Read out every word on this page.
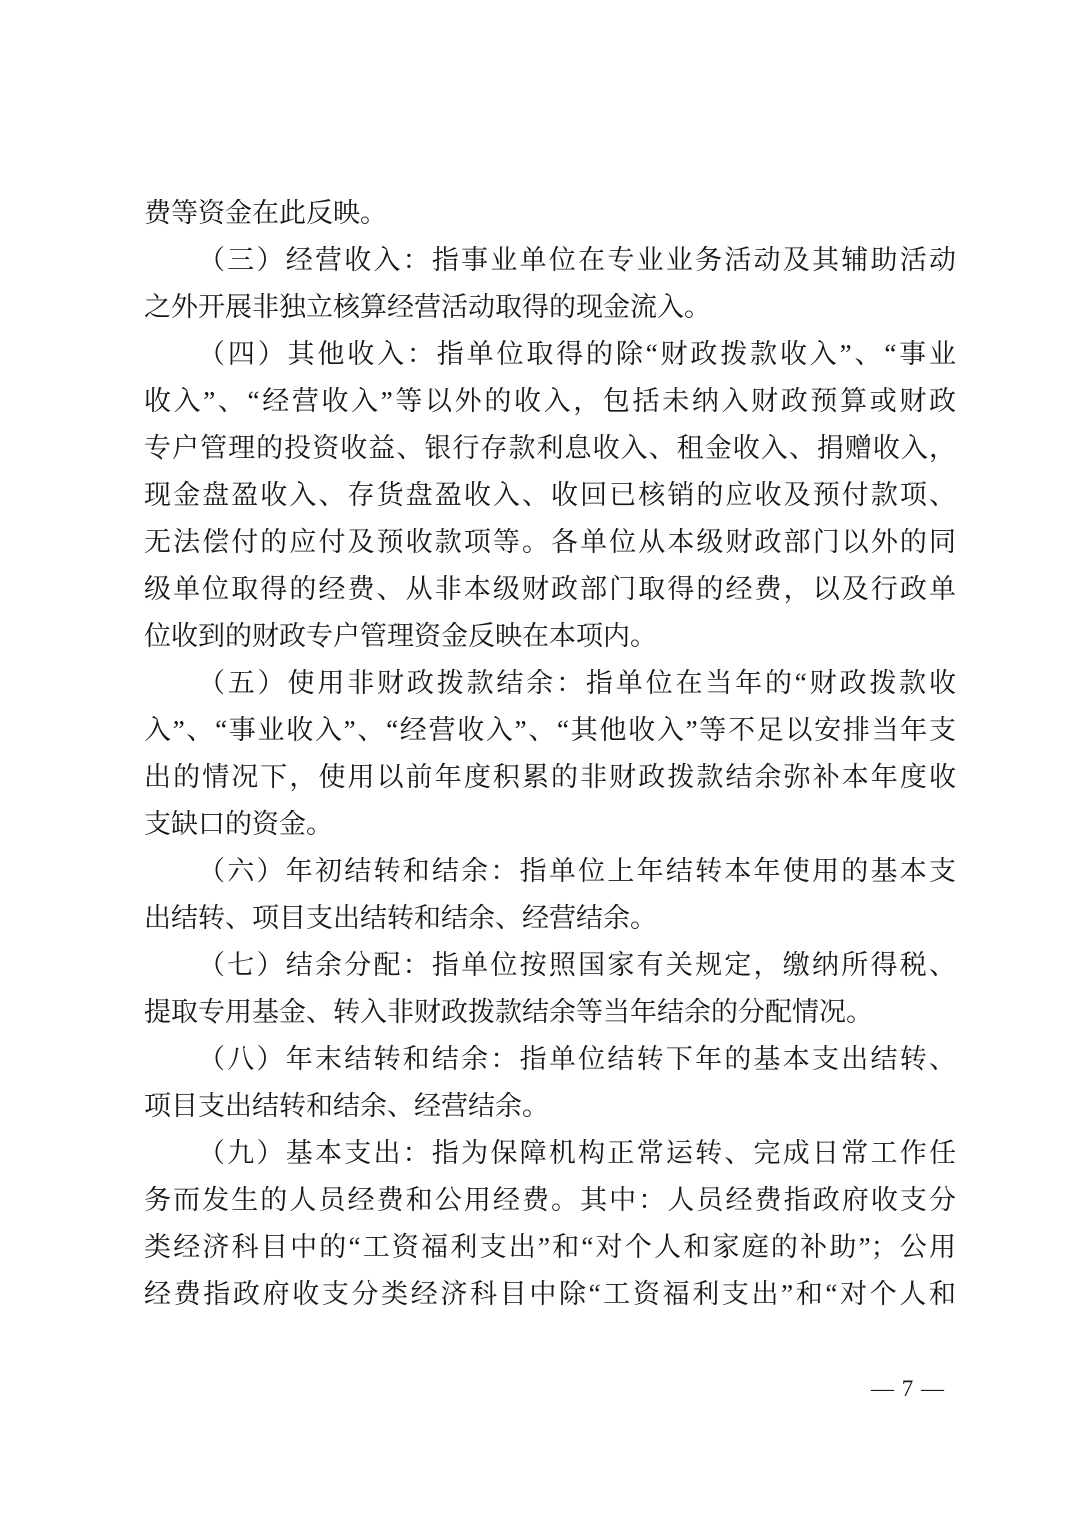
费等资金在此反映。
（三）经营收入：指事业单位在专业业务活动及其辅助活动
之外开展非独立核算经营活动取得的现金流入。
（四）其他收入：指单位取得的除“财政拨款收入”、“事业
收入”、“经营收入”等以外的收入，包括未纳入财政预算或财政
专户管理的投资收益、银行存款利息收入、租金收入、捐赠收入，
现金盘盈收入、存货盘盈收入、收回已核销的应收及预付款项、
无法偿付的应付及预收款项等。各单位从本级财政部门以外的同
级单位取得的经费、从非本级财政部门取得的经费，以及行政单
位收到的财政专户管理资金反映在本项内。
（五）使用非财政拨款结余：指单位在当年的“财政拨款收
入”、“事业收入”、“经营收入”、“其他收入”等不足以安排当年支
出的情况下，使用以前年度积累的非财政拨款结余弥补本年度收
支缺口的资金。
（六）年初结转和结余：指单位上年结转本年使用的基本支
出结转、项目支出结转和结余、经营结余。
（七）结余分配：指单位按照国家有关规定，缴纳所得税、
提取专用基金、转入非财政拨款结余等当年结余的分配情况。
（八）年末结转和结余：指单位结转下年的基本支出结转、
项目支出结转和结余、经营结余。
（九）基本支出：指为保障机构正常运转、完成日常工作任
务而发生的人员经费和公用经费。其中：人员经费指政府收支分
类经济科目中的“工资福利支出”和“对个人和家庭的补助”；公用
经费指政府收支分类经济科目中除“工资福利支出”和“对个人和
— 7 —
